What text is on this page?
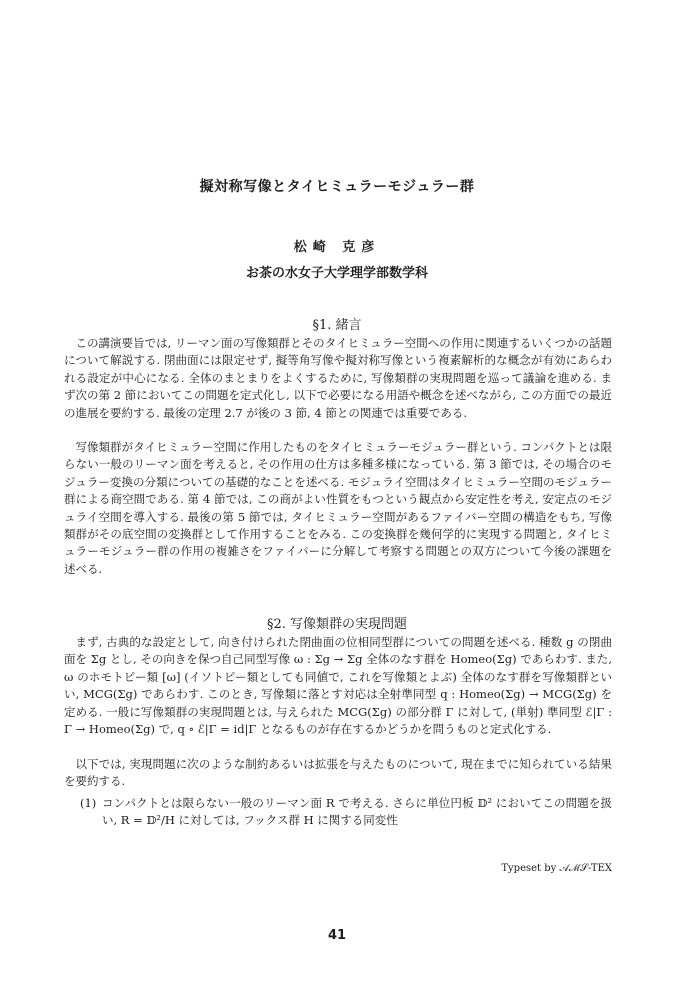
擬対称写像とタイヒミュラーモジュラー群
松崎 克彦
お茶の水女子大学理学部数学科
§1. 緒言
この講演要旨では, リーマン面の写像類群とそのタイヒミュラー空間への作用に関連するいくつかの話題について解説する. 閉曲面には限定せず, 擬等角写像や擬対称写像という複素解析的な概念が有効にあらわれる設定が中心になる. 全体のまとまりをよくするために, 写像類群の実現問題を巡って議論を進める. まず次の第 2 節においてこの問題を定式化し, 以下で必要になる用語や概念を述べながら, この方面での最近の進展を要約する. 最後の定理 2.7 が後の 3 節, 4 節との関連では重要である.
写像類群がタイヒミュラー空間に作用したものをタイヒミュラーモジュラー群という. コンパクトとは限らない一般のリーマン面を考えると, その作用の仕方は多種多様になっている. 第 3 節では, その場合のモジュラー変換の分類についての基礎的なことを述べる. モジュライ空間はタイヒミュラー空間のモジュラー群による商空間である. 第 4 節では, この商がよい性質をもつという観点から安定性を考え, 安定点のモジュライ空間を導入する. 最後の第 5 節では, タイヒミュラー空間があるファイバー空間の構造をもち, 写像類群がその底空間の変換群として作用することをみる. この変換群を幾何学的に実現する問題と, タイヒミュラーモジュラー群の作用の複雑さをファイバーに分解して考察する問題との双方について今後の課題を述べる.
§2. 写像類群の実現問題
まず, 古典的な設定として, 向き付けられた閉曲面の位相同型群についての問題を述べる. 種数 g の閉曲面を Σg とし, その向きを保つ自己同型写像 ω : Σg → Σg 全体のなす群を Homeo(Σg) であらわす. また, ω のホモトピー類 [ω] (イソトピー類としても同値で, これを写像類とよぶ) 全体のなす群を写像類群といい, MCG(Σg) であらわす. このとき, 写像類に落とす対応は全射準同型 q : Homeo(Σg) → MCG(Σg) を定める. 一般に写像類群の実現問題とは, 与えられた MCG(Σg) の部分群 Γ に対して, (単射) 準同型 ℰ|Γ : Γ → Homeo(Σg) で, q ∘ ℰ|Γ = id|Γ となるものが存在するかどうかを問うものと定式化する.
以下では, 実現問題に次のような制約あるいは拡張を与えたものについて, 現在までに知られている結果を要約する.
(1) コンパクトとは限らない一般のリーマン面 R で考える. さらに単位円板 𝔻² においてこの問題を扱い, R = 𝔻²/H に対しては, フックス群 H に関する同変性
Typeset by 𝒜ℳ𝒮-TEX
41
